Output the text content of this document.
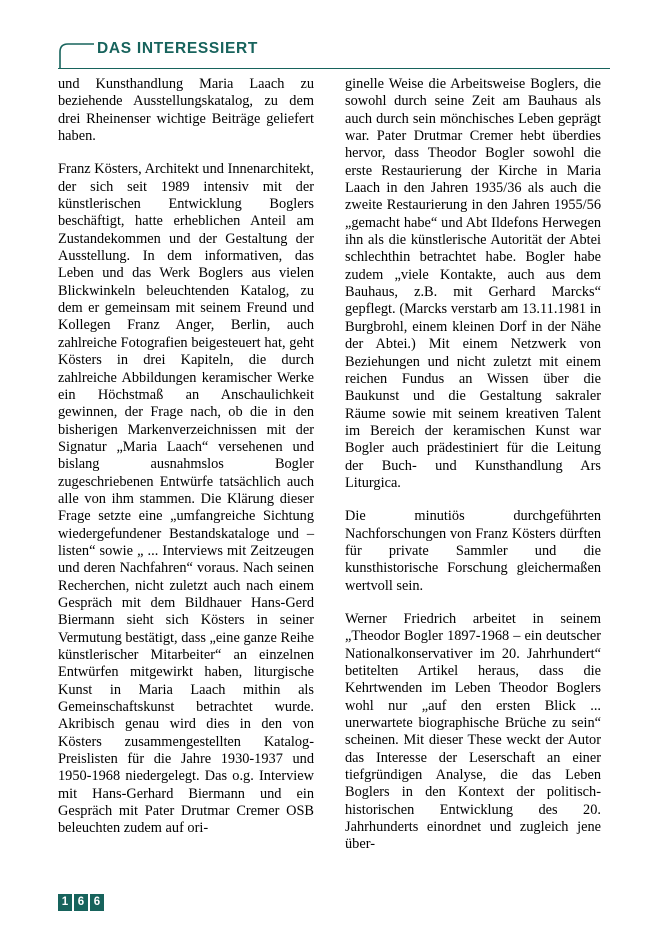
DAS INTERESSIERT

und Kunsthandlung Maria Laach zu beziehende Ausstellungskatalog, zu dem drei Rheinenser wichtige Beiträge geliefert haben.

Franz Kösters, Architekt und Innenarchitekt, der sich seit 1989 intensiv mit der künstlerischen Entwicklung Boglers beschäftigt, hatte erheblichen Anteil am Zustandekommen und der Gestaltung der Ausstellung. In dem informativen, das Leben und das Werk Boglers aus vielen Blickwinkeln beleuchtenden Katalog, zu dem er gemeinsam mit seinem Freund und Kollegen Franz Anger, Berlin, auch zahlreiche Fotografien beigesteuert hat, geht Kösters in drei Kapiteln, die durch zahlreiche Abbildungen keramischer Werke ein Höchstmaß an Anschaulichkeit gewinnen, der Frage nach, ob die in den bisherigen Markenverzeichnissen mit der Signatur „Maria Laach“ versehenen und bislang ausnahmslos Bogler zugeschriebenen Entwürfe tatsächlich auch alle von ihm stammen. Die Klärung dieser Frage setzte eine „umfangreiche Sichtung wiedergefundener Bestandskataloge und –listen“ sowie „ ... Interviews mit Zeitzeugen und deren Nachfahren“ voraus. Nach seinen Recherchen, nicht zuletzt auch nach einem Gespräch mit dem Bildhauer Hans-Gerd Biermann sieht sich Kösters in seiner Vermutung bestätigt, dass „eine ganze Reihe künstlerischer Mitarbeiter“ an einzelnen Entwürfen mitgewirkt haben, liturgische Kunst in Maria Laach mithin als Gemeinschaftskunst betrachtet wurde. Akribisch genau wird dies in den von Kösters zusammengestellten Katalog-Preislisten für die Jahre 1930-1937 und 1950-1968 niedergelegt. Das o.g. Interview mit Hans-Gerhard Biermann und ein Gespräch mit Pater Drutmar Cremer OSB beleuchten zudem auf ori-

ginelle Weise die Arbeitsweise Boglers, die sowohl durch seine Zeit am Bauhaus als auch durch sein mönchisches Leben geprägt war. Pater Drutmar Cremer hebt überdies hervor, dass Theodor Bogler sowohl die erste Restaurierung der Kirche in Maria Laach in den Jahren 1935/36 als auch die zweite Restaurierung in den Jahren 1955/56 „gemacht habe“ und Abt Ildefons Herwegen ihn als die künstlerische Autorität der Abtei schlechthin betrachtet habe. Bogler habe zudem „viele Kontakte, auch aus dem Bauhaus, z.B. mit Gerhard Marcks“ gepflegt. (Marcks verstarb am 13.11.1981 in Burgbrohl, einem kleinen Dorf in der Nähe der Abtei.) Mit einem Netzwerk von Beziehungen und nicht zuletzt mit einem reichen Fundus an Wissen über die Baukunst und die Gestaltung sakraler Räume sowie mit seinem kreativen Talent im Bereich der keramischen Kunst war Bogler auch prädestiniert für die Leitung der Buch- und Kunsthandlung Ars Liturgica.

Die minutiös durchgeführten Nachforschungen von Franz Kösters dürften für private Sammler und die kunsthistorische Forschung gleichermaßen wertvoll sein.

Werner Friedrich arbeitet in seinem „Theodor Bogler 1897-1968 – ein deutscher Nationalkonservativer im 20. Jahrhundert“ betitelten Artikel heraus, dass die Kehrtwenden im Leben Theodor Boglers wohl nur „auf den ersten Blick ... unerwartete biographische Brüche zu sein“ scheinen. Mit dieser These weckt der Autor das Interesse der Leserschaft an einer tiefgründigen Analyse, die das Leben Boglers in den Kontext der politisch-historischen Entwicklung des 20. Jahrhunderts einordnet und zugleich jene über-

1 6 6
